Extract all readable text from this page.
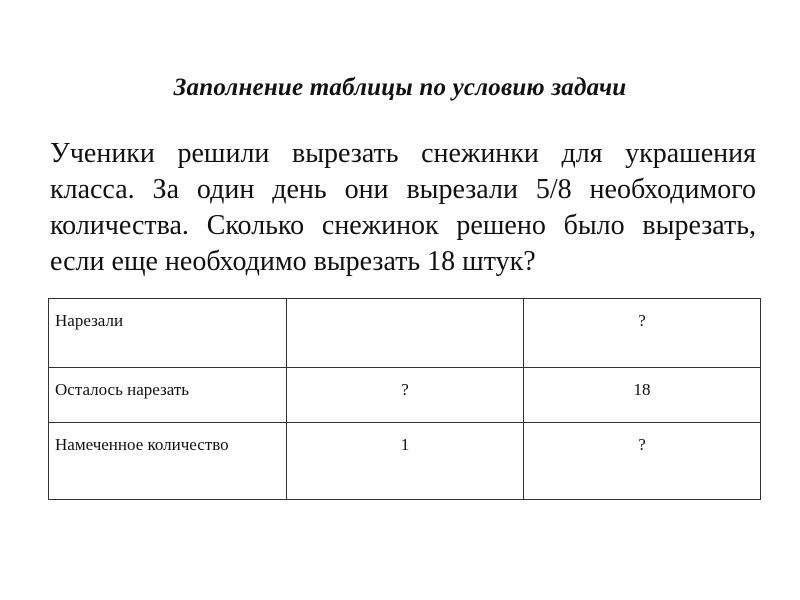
Заполнение таблицы по условию задачи

Ученики решили вырезать снежинки для украшения класса. За один день они вырезали 5/8 необходимого количества. Сколько снежинок решено было вырезать, если еще необходимо вырезать 18 штук?

Нарезали		?
Осталось нарезать	?	18
Намеченное количество	1	?
